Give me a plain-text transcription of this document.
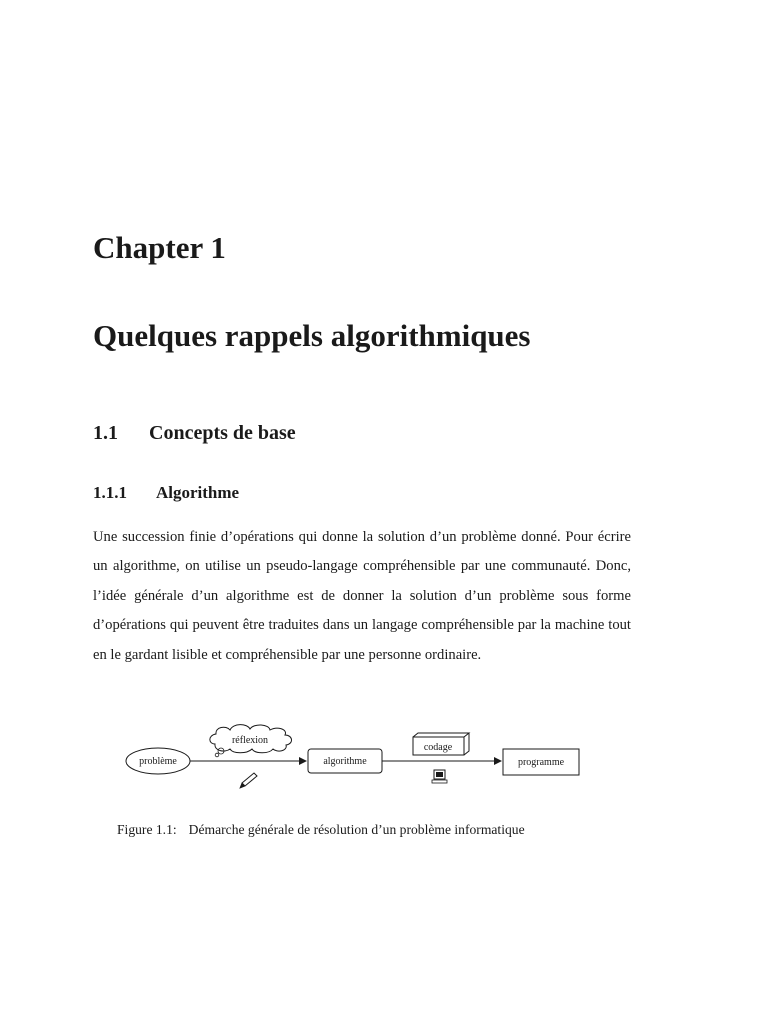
Chapter 1
Quelques rappels algorithmiques
1.1 Concepts de base
1.1.1 Algorithme

Une succession finie d’opérations qui donne la solution d’un problème donné. Pour écrire un algorithme, on utilise un pseudo-langage compréhensible par une communauté. Donc, l’idée générale d’un algorithme est de donner la solution d’un problème sous forme d’opérations qui peuvent être traduites dans un langage compréhensible par la machine tout en le gardant lisible et compréhensible par une personne ordinaire.

problème
réflexion
algorithme
codage
programme

Figure 1.1: Démarche générale de résolution d’un problème informatique
